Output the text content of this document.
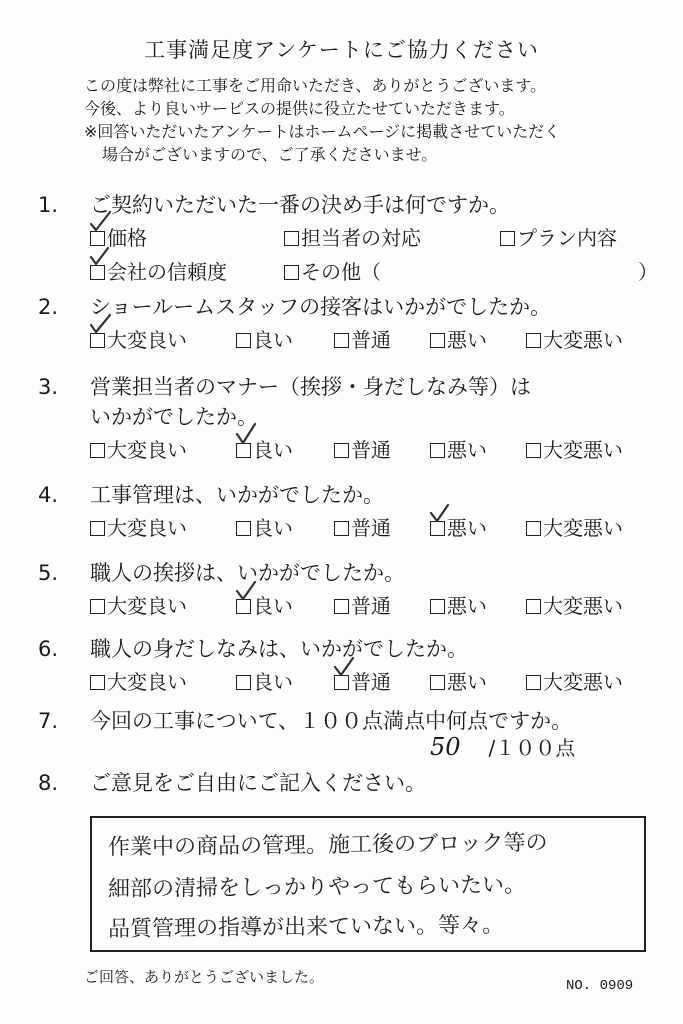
工事満足度アンケートにご協力ください
この度は弊社に工事をご用命いただき、ありがとうございます。
今後、より良いサービスの提供に役立たせていただきます。
※回答いただいたアンケートはホームページに掲載させていただく
場合がございますので、ご了承くださいませ。
1. ご契約いただいた一番の決め手は何ですか。
価格	担当者の対応	プラン内容
会社の信頼度	その他（	）
2. ショールームスタッフの接客はいかがでしたか。
大変良い	良い	普通	悪い	大変悪い
3. 営業担当者のマナー（挨拶・身だしなみ等）は
いかがでしたか。
大変良い	良い	普通	悪い	大変悪い
4. 工事管理は、いかがでしたか。
大変良い	良い	普通	悪い	大変悪い
5. 職人の挨拶は、いかがでしたか。
大変良い	良い	普通	悪い	大変悪い
6. 職人の身だしなみは、いかがでしたか。
大変良い	良い	普通	悪い	大変悪い
7. 今回の工事について、１００点満点中何点ですか。
50 /１００点
8. ご意見をご自由にご記入ください。
作業中の商品の管理。施工後のブロック等の
細部の清掃をしっかりやってもらいたい。
品質管理の指導が出来ていない。等々。
ご回答、ありがとうございました。	NO. 0909
